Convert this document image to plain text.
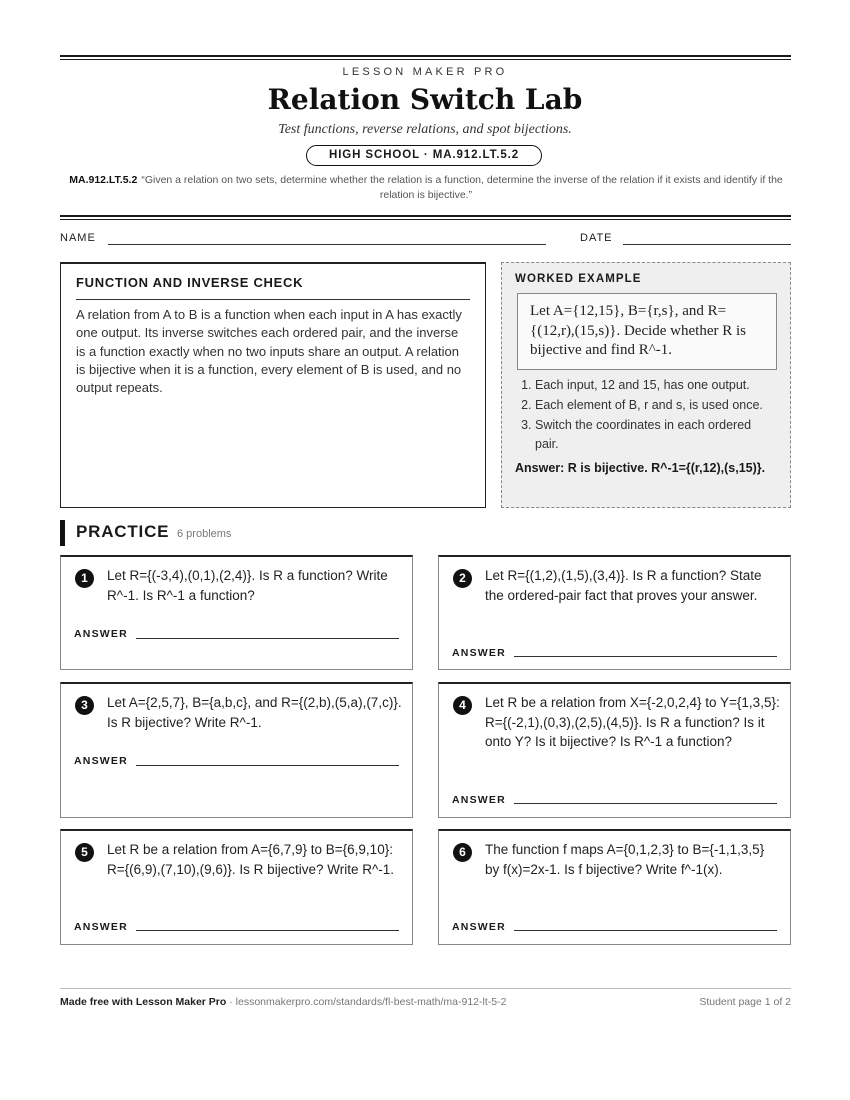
LESSON MAKER PRO
Relation Switch Lab
Test functions, reverse relations, and spot bijections.
HIGH SCHOOL · MA.912.LT.5.2
MA.912.LT.5.2 “Given a relation on two sets, determine whether the relation is a function, determine the inverse of the relation if it exists and identify if the relation is bijective.”
NAME	DATE
FUNCTION AND INVERSE CHECK

A relation from A to B is a function when each input in A has exactly one output. Its inverse switches each ordered pair, and the inverse is a function exactly when no two inputs share an output. A relation is bijective when it is a function, every element of B is used, and no output repeats.

WORKED EXAMPLE
Let A={12,15}, B={r,s}, and R={(12,r),(15,s)}. Decide whether R is bijective and find R^-1.
1. Each input, 12 and 15, has one output.
2. Each element of B, r and s, is used once.
3. Switch the coordinates in each ordered pair.
Answer: R is bijective. R^-1={(r,12),(s,15)}.
PRACTICE 6 problems
1	Let R={(-3,4),(0,1),(2,4)}. Is R a function? Write R^-1. Is R^-1 a function?
ANSWER
2	Let R={(1,2),(1,5),(3,4)}. Is R a function? State the ordered-pair fact that proves your answer.
ANSWER
3	Let A={2,5,7}, B={a,b,c}, and R={(2,b),(5,a),(7,c)}. Is R bijective? Write R^-1.
ANSWER
4	Let R be a relation from X={-2,0,2,4} to Y={1,3,5}: R={(-2,1),(0,3),(2,5),(4,5)}. Is R a function? Is it onto Y? Is it bijective? Is R^-1 a function?
ANSWER
5	Let R be a relation from A={6,7,9} to B={6,9,10}: R={(6,9),(7,10),(9,6)}. Is R bijective? Write R^-1.
ANSWER
6	The function f maps A={0,1,2,3} to B={-1,1,3,5} by f(x)=2x-1. Is f bijective? Write f^-1(x).
ANSWER
Made free with Lesson Maker Pro · lessonmakerpro.com/standards/fl-best-math/ma-912-lt-5-2	Student page 1 of 2
